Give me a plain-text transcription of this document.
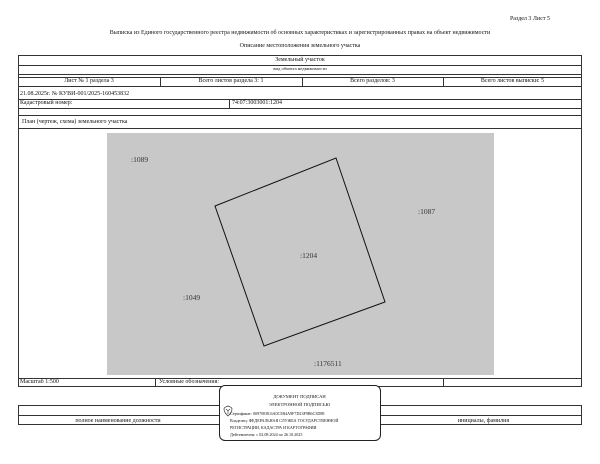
Раздел 3 Лист 5
Выписка из Единого государственного реестра недвижимости об основных характеристиках и зарегистрированных правах на объект недвижимости
Описание местоположения земельного участка
Земельный участок
вид объекта недвижимости
Лист № 1 раздела 3	Всего листов раздела 3: 1	Всего разделов: 3	Всего листов выписки: 5
21.08.2025г. № КУВИ-001/2025-160453832
Кадастровый номер:	74:07:3003001:1204
План (чертеж, схема) земельного участка
:1089
:1087
:1204
:1049
:1176511
Масштаб 1:500	Условные обозначения:
полное наименование должности	инициалы, фамилия
ДОКУМЕНТ ПОДПИСАН
ЭЛЕКТРОННОЙ ПОДПИСЬЮ
Сертификат: 00970E8C6A0C5B4A9F7D23F9B6C3D88
Владелец: ФЕДЕРАЛЬНАЯ СЛУЖБА ГОСУДАРСТВЕННОЙ
РЕГИСТРАЦИИ, КАДАСТРА И КАРТОГРАФИИ
Действителен: с 02.08.2024 по 26.10.2025
